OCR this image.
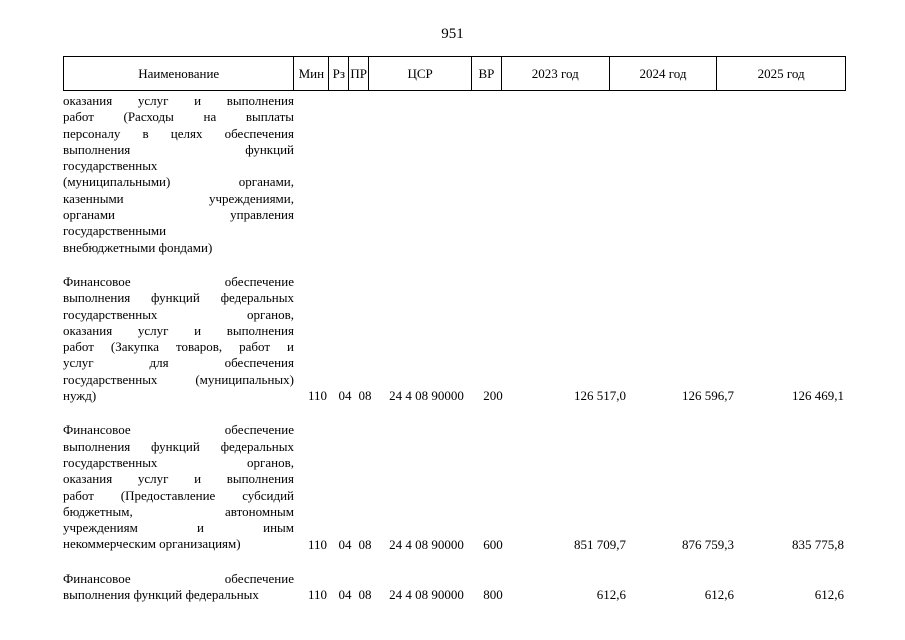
951
Наименование	Мин Рз ПР	ЦСР	ВР	2023 год	2024 год	2025 год
оказания услуг и выполнения
работ (Расходы на выплаты
персоналу в целях обеспечения
выполнения функций
государственных
(муниципальными) органами,
казенными учреждениями,
органами управления
государственными
внебюджетными фондами)
Финансовое обеспечение
выполнения функций федеральных
государственных органов,
оказания услуг и выполнения
работ (Закупка товаров, работ и
услуг для обеспечения
государственных (муниципальных)
нужд)	110 04 08	24 4 08 90000	200	126 517,0	126 596,7	126 469,1
Финансовое обеспечение
выполнения функций федеральных
государственных органов,
оказания услуг и выполнения
работ (Предоставление субсидий
бюджетным, автономным
учреждениям и иным
некоммерческим организациям)	110 04 08	24 4 08 90000	600	851 709,7	876 759,3	835 775,8
Финансовое обеспечение
выполнения функций федеральных	110 04 08	24 4 08 90000	800	612,6	612,6	612,6
